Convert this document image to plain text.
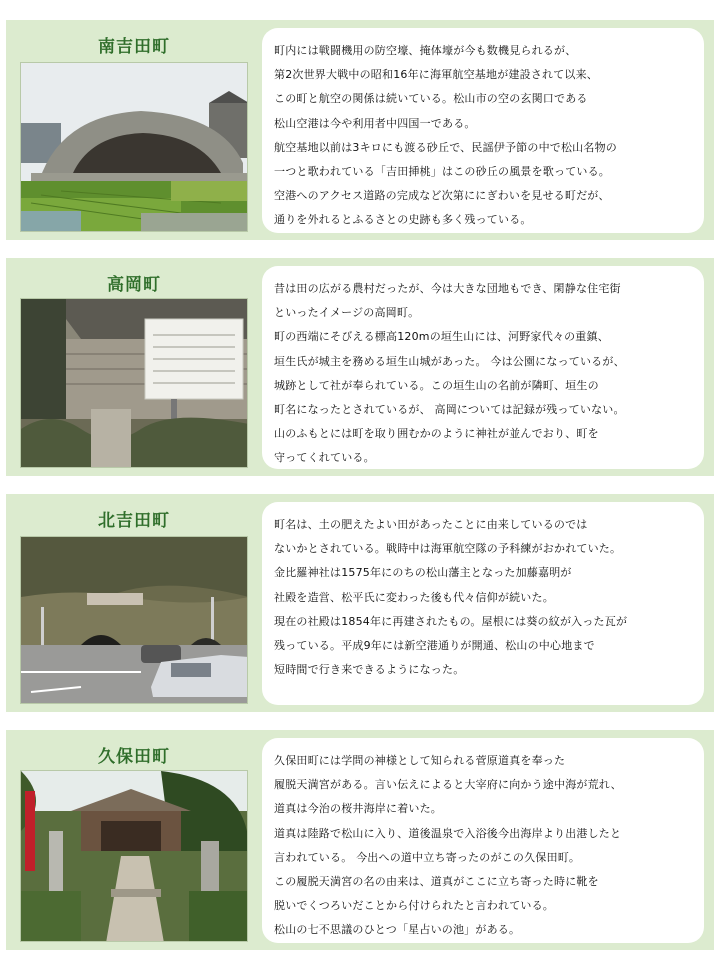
南吉田町	町内には戦闘機用の防空壕、掩体壕が今も数機見られるが、

第2次世界大戦中の昭和16年に海軍航空基地が建設されて以来、

この町と航空の関係は続いている。松山市の空の玄関口である

松山空港は今や利用者中四国一である。

航空基地以前は3キロにも渡る砂丘で、民謡伊予節の中で松山名物の

一つと歌われている「吉田挿桃」はこの砂丘の風景を歌っている。

空港へのアクセス道路の完成など次第ににぎわいを見せる町だが、

通りを外れるとふるさとの史跡も多く残っている。

高岡町	昔は田の広がる農村だったが、今は大きな団地もでき、閑静な住宅街

といったイメージの高岡町。

町の西端にそびえる標高120mの垣生山には、河野家代々の重鎮、

垣生氏が城主を務める垣生山城があった。 今は公園になっているが、

城跡として社が奉られている。この垣生山の名前が隣町、垣生の

町名になったとされているが、 高岡については記録が残っていない。

山のふもとには町を取り囲むかのように神社が並んでおり、町を

守ってくれている。

北吉田町	町名は、土の肥えたよい田があったことに由来しているのでは

ないかとされている。戦時中は海軍航空隊の予科練がおかれていた。

金比羅神社は1575年にのちの松山藩主となった加藤嘉明が

社殿を造営、松平氏に変わった後も代々信仰が続いた。

現在の社殿は1854年に再建されたもの。屋根には葵の紋が入った瓦が

残っている。平成9年には新空港通りが開通、松山の中心地まで

短時間で行き来できるようになった。

久保田町	久保田町には学問の神様として知られる菅原道真を奉った

履脱天満宮がある。言い伝えによると大宰府に向かう途中海が荒れ、

道真は今治の桜井海岸に着いた。

道真は陸路で松山に入り、道後温泉で入浴後今出海岸より出港したと

言われている。 今出への道中立ち寄ったのがこの久保田町。

この履脱天満宮の名の由来は、道真がここに立ち寄った時に靴を

脱いでくつろいだことから付けられたと言われている。

松山の七不思議のひとつ「星占いの池」がある。
